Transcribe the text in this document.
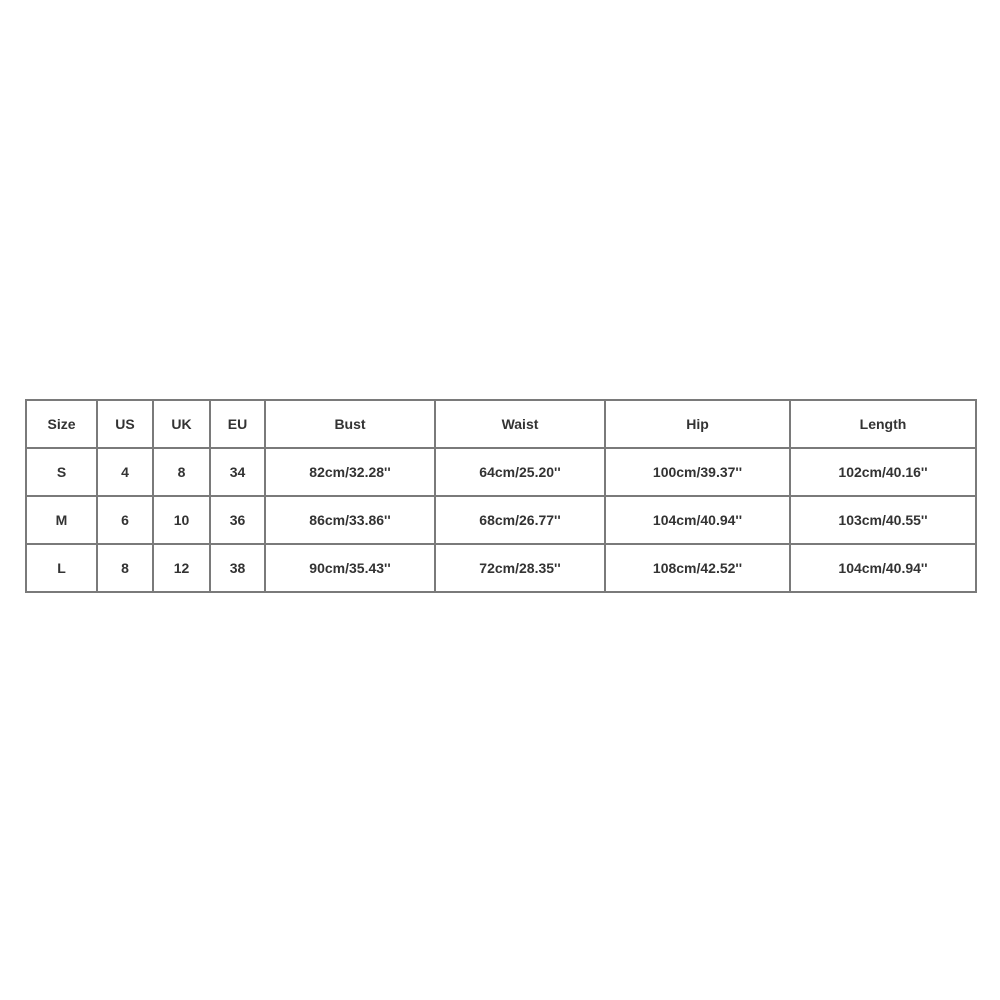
Size	US	UK	EU	Bust	Waist	Hip	Length
S	4	8	34	82cm/32.28''	64cm/25.20''	100cm/39.37''	102cm/40.16''
M	6	10	36	86cm/33.86''	68cm/26.77''	104cm/40.94''	103cm/40.55''
L	8	12	38	90cm/35.43''	72cm/28.35''	108cm/42.52''	104cm/40.94''
